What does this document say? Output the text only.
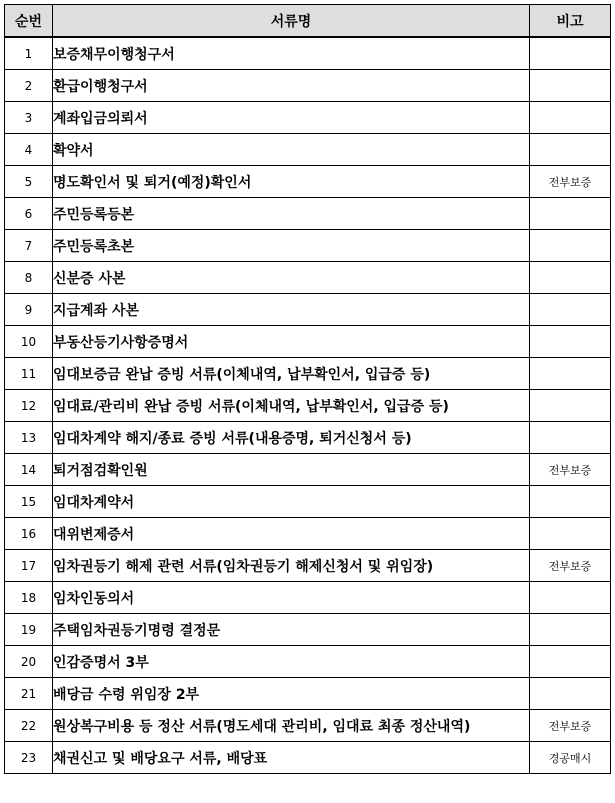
순번	서류명	비고
1	보증채무이행청구서	
2	환급이행청구서	
3	계좌입금의뢰서	
4	확약서	
5	명도확인서 및 퇴거(예정)확인서	전부보증
6	주민등록등본	
7	주민등록초본	
8	신분증 사본	
9	지급계좌 사본	
10	부동산등기사항증명서	
11	임대보증금 완납 증빙 서류(이체내역, 납부확인서, 입급증 등)	
12	임대료/관리비 완납 증빙 서류(이체내역, 납부확인서, 입급증 등)	
13	임대차계약 해지/종료 증빙 서류(내용증명, 퇴거신청서 등)	
14	퇴거점검확인원	전부보증
15	임대차계약서	
16	대위변제증서	
17	임차권등기 해제 관련 서류(임차권등기 해제신청서 및 위임장)	전부보증
18	임차인동의서	
19	주택임차권등기명령 결정문	
20	인감증명서 3부	
21	배당금 수령 위임장 2부	
22	원상복구비용 등 정산 서류(명도세대 관리비, 임대료 최종 정산내역)	전부보증
23	채권신고 및 배당요구 서류, 배당표	경공매시
